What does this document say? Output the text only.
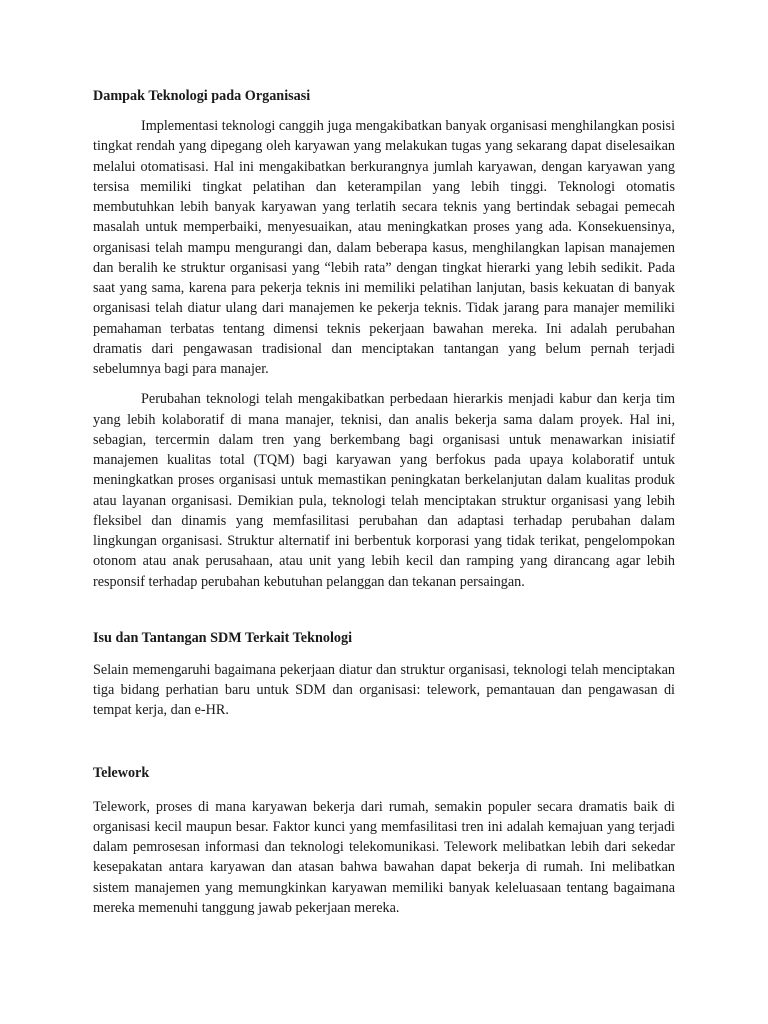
Dampak Teknologi pada Organisasi

Implementasi teknologi canggih juga mengakibatkan banyak organisasi menghilangkan posisi tingkat rendah yang dipegang oleh karyawan yang melakukan tugas yang sekarang dapat diselesaikan melalui otomatisasi. Hal ini mengakibatkan berkurangnya jumlah karyawan, dengan karyawan yang tersisa memiliki tingkat pelatihan dan keterampilan yang lebih tinggi. Teknologi otomatis membutuhkan lebih banyak karyawan yang terlatih secara teknis yang bertindak sebagai pemecah masalah untuk memperbaiki, menyesuaikan, atau meningkatkan proses yang ada. Konsekuensinya, organisasi telah mampu mengurangi dan, dalam beberapa kasus, menghilangkan lapisan manajemen dan beralih ke struktur organisasi yang “lebih rata” dengan tingkat hierarki yang lebih sedikit. Pada saat yang sama, karena para pekerja teknis ini memiliki pelatihan lanjutan, basis kekuatan di banyak organisasi telah diatur ulang dari manajemen ke pekerja teknis. Tidak jarang para manajer memiliki pemahaman terbatas tentang dimensi teknis pekerjaan bawahan mereka. Ini adalah perubahan dramatis dari pengawasan tradisional dan menciptakan tantangan yang belum pernah terjadi sebelumnya bagi para manajer.

Perubahan teknologi telah mengakibatkan perbedaan hierarkis menjadi kabur dan kerja tim yang lebih kolaboratif di mana manajer, teknisi, dan analis bekerja sama dalam proyek. Hal ini, sebagian, tercermin dalam tren yang berkembang bagi organisasi untuk menawarkan inisiatif manajemen kualitas total (TQM) bagi karyawan yang berfokus pada upaya kolaboratif untuk meningkatkan proses organisasi untuk memastikan peningkatan berkelanjutan dalam kualitas produk atau layanan organisasi. Demikian pula, teknologi telah menciptakan struktur organisasi yang lebih fleksibel dan dinamis yang memfasilitasi perubahan dan adaptasi terhadap perubahan dalam lingkungan organisasi. Struktur alternatif ini berbentuk korporasi yang tidak terikat, pengelompokan otonom atau anak perusahaan, atau unit yang lebih kecil dan ramping yang dirancang agar lebih responsif terhadap perubahan kebutuhan pelanggan dan tekanan persaingan.

Isu dan Tantangan SDM Terkait Teknologi

Selain memengaruhi bagaimana pekerjaan diatur dan struktur organisasi, teknologi telah menciptakan tiga bidang perhatian baru untuk SDM dan organisasi: telework, pemantauan dan pengawasan di tempat kerja, dan e-HR.

Telework

Telework, proses di mana karyawan bekerja dari rumah, semakin populer secara dramatis baik di organisasi kecil maupun besar. Faktor kunci yang memfasilitasi tren ini adalah kemajuan yang terjadi dalam pemrosesan informasi dan teknologi telekomunikasi. Telework melibatkan lebih dari sekedar kesepakatan antara karyawan dan atasan bahwa bawahan dapat bekerja di rumah. Ini melibatkan sistem manajemen yang memungkinkan karyawan memiliki banyak keleluasaan tentang bagaimana mereka memenuhi tanggung jawab pekerjaan mereka.
